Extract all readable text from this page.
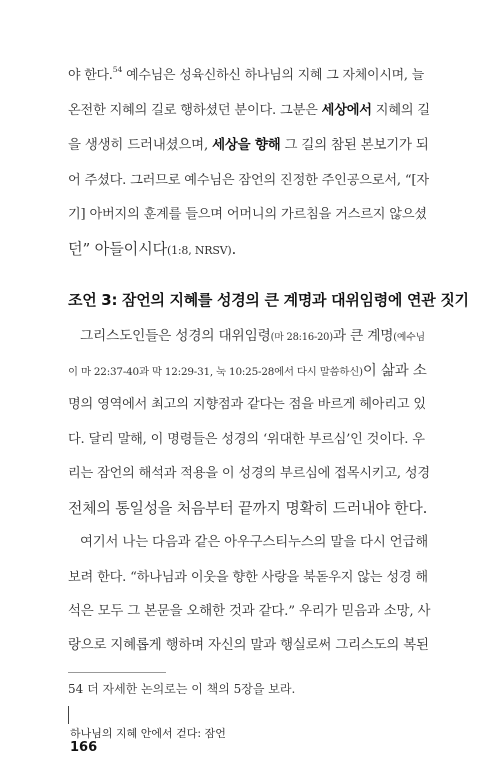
야 한다.$^{54}$ 예수님은 성육신하신 하나님의 지혜 그 자체이시며, 늘
온전한 지혜의 길로 행하셨던 분이다. 그분은 세상에서 지혜의 길
을 생생히 드러내셨으며, 세상을 향해 그 길의 참된 본보기가 되
어 주셨다. 그러므로 예수님은 잠언의 진정한 주인공으로서, “[자
기] 아버지의 훈계를 들으며 어머니의 가르침을 거스르지 않으셨
던” 아들이시다(1:8, NRSV).
조언 3: 잠언의 지혜를 성경의 큰 계명과 대위임령에 연관 짓기
그리스도인들은 성경의 대위임령(마 28:16-20)과 큰 계명(예수님
이 마 22:37-40과 막 12:29-31, 눅 10:25-28에서 다시 말씀하신)이 삶과 소
명의 영역에서 최고의 지향점과 같다는 점을 바르게 헤아리고 있
다. 달리 말해, 이 명령들은 성경의 ‘위대한 부르심’인 것이다. 우
리는 잠언의 해석과 적용을 이 성경의 부르심에 접목시키고, 성경
전체의 통일성을 처음부터 끝까지 명확히 드러내야 한다.
여기서 나는 다음과 같은 아우구스티누스의 말을 다시 언급해
보려 한다. “하나님과 이웃을 향한 사랑을 북돋우지 않는 성경 해
석은 모두 그 본문을 오해한 것과 같다.” 우리가 믿음과 소망, 사
랑으로 지혜롭게 행하며 자신의 말과 행실로써 그리스도의 복된
54 더 자세한 논의로는 이 책의 5장을 보라.
하나님의 지혜 안에서 걷다: 잠언
166
